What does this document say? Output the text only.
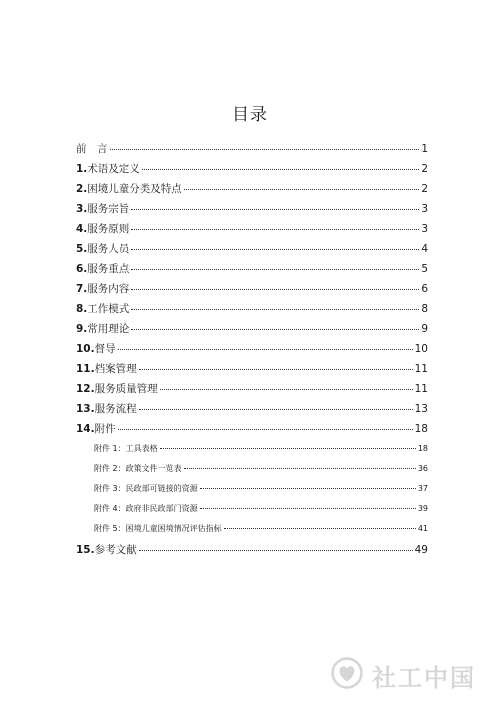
目录
前　言	1
1.术语及定义	2
2.困境儿童分类及特点	2
3.服务宗旨	3
4.服务原则	3
5.服务人员	4
6.服务重点	5
7.服务内容	6
8.工作模式	8
9.常用理论	9
10.督导	10
11.档案管理	11
12.服务质量管理	11
13.服务流程	13
14.附件	18
附件 1：工具表格	18
附件 2：政策文件一览表	36
附件 3：民政部可链接的资源	37
附件 4：政府非民政部门资源	39
附件 5：困境儿童困境情况评估指标	41
15.参考文献	49
社工中国
